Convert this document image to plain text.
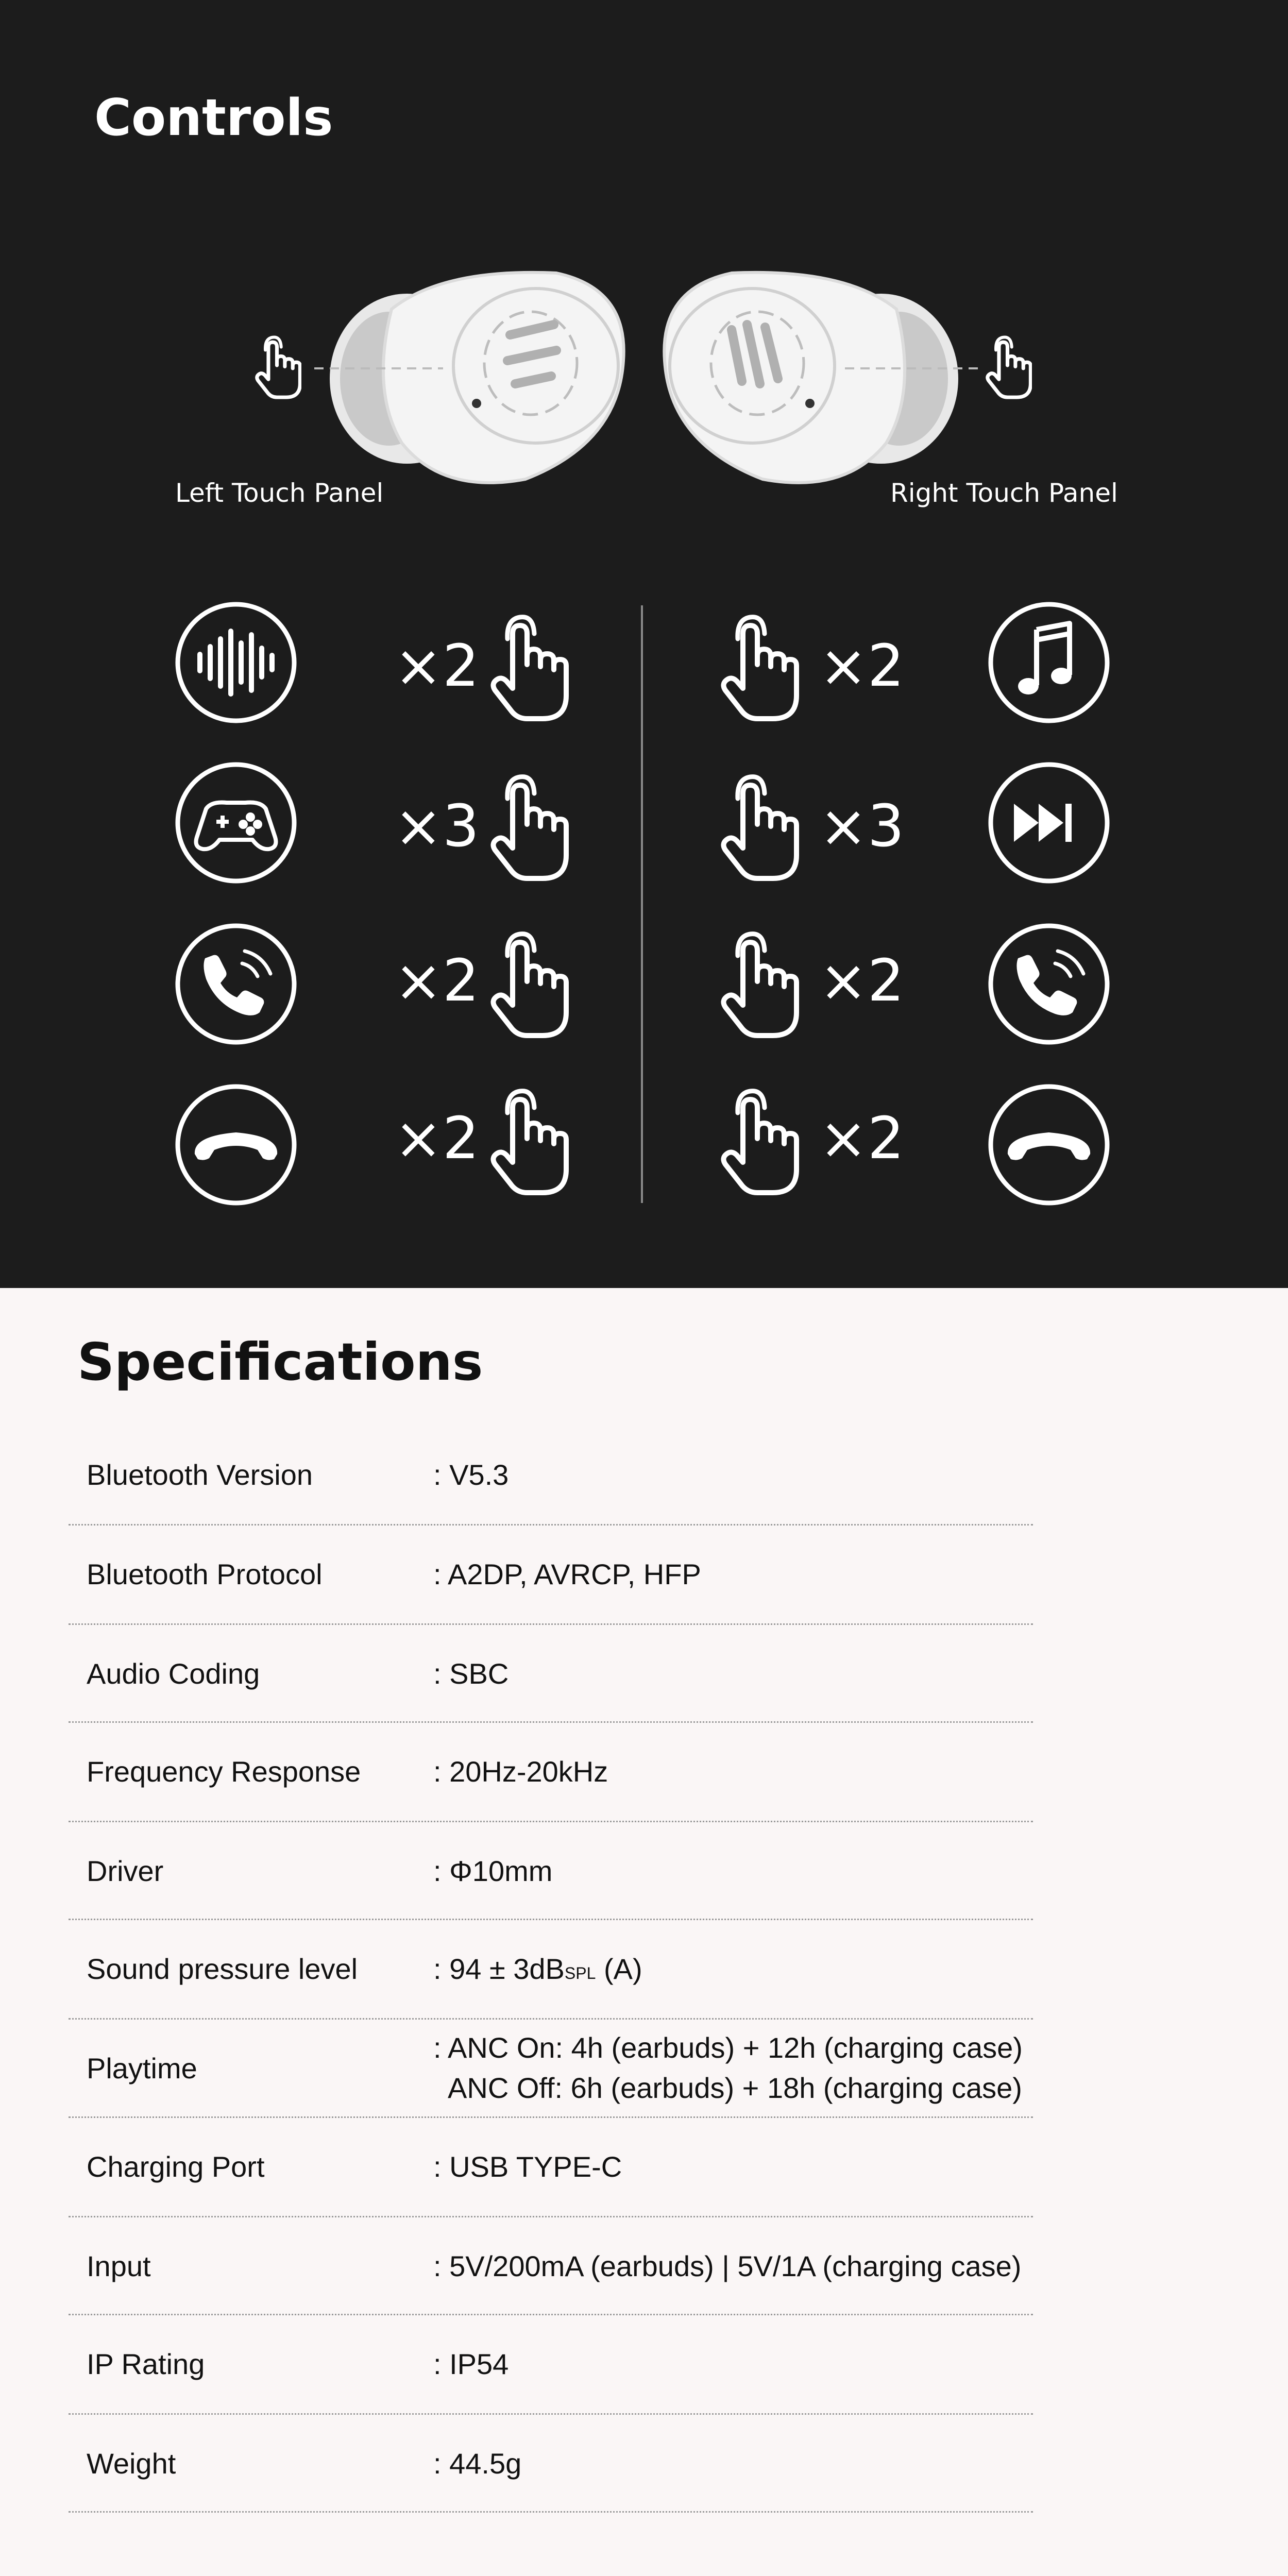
Controls
Left Touch Panel	Right Touch Panel
×2
×3
×2
×2
×2
×3
×2
×2
Specifications
Bluetooth Version	: V5.3
Bluetooth Protocol	: A2DP, AVRCP, HFP
Audio Coding	: SBC
Frequency Response	: 20Hz-20kHz
Driver	: Φ10mm
Sound pressure level	: 94 ± 3dBSPL (A)
Playtime
: ANC On: 4h (earbuds) + 12h (charging case)
ANC Off: 6h (earbuds) + 18h (charging case)
Charging Port	: USB TYPE-C
Input	: 5V/200mA (earbuds) | 5V/1A (charging case)
IP Rating	: IP54
Weight	: 44.5g
